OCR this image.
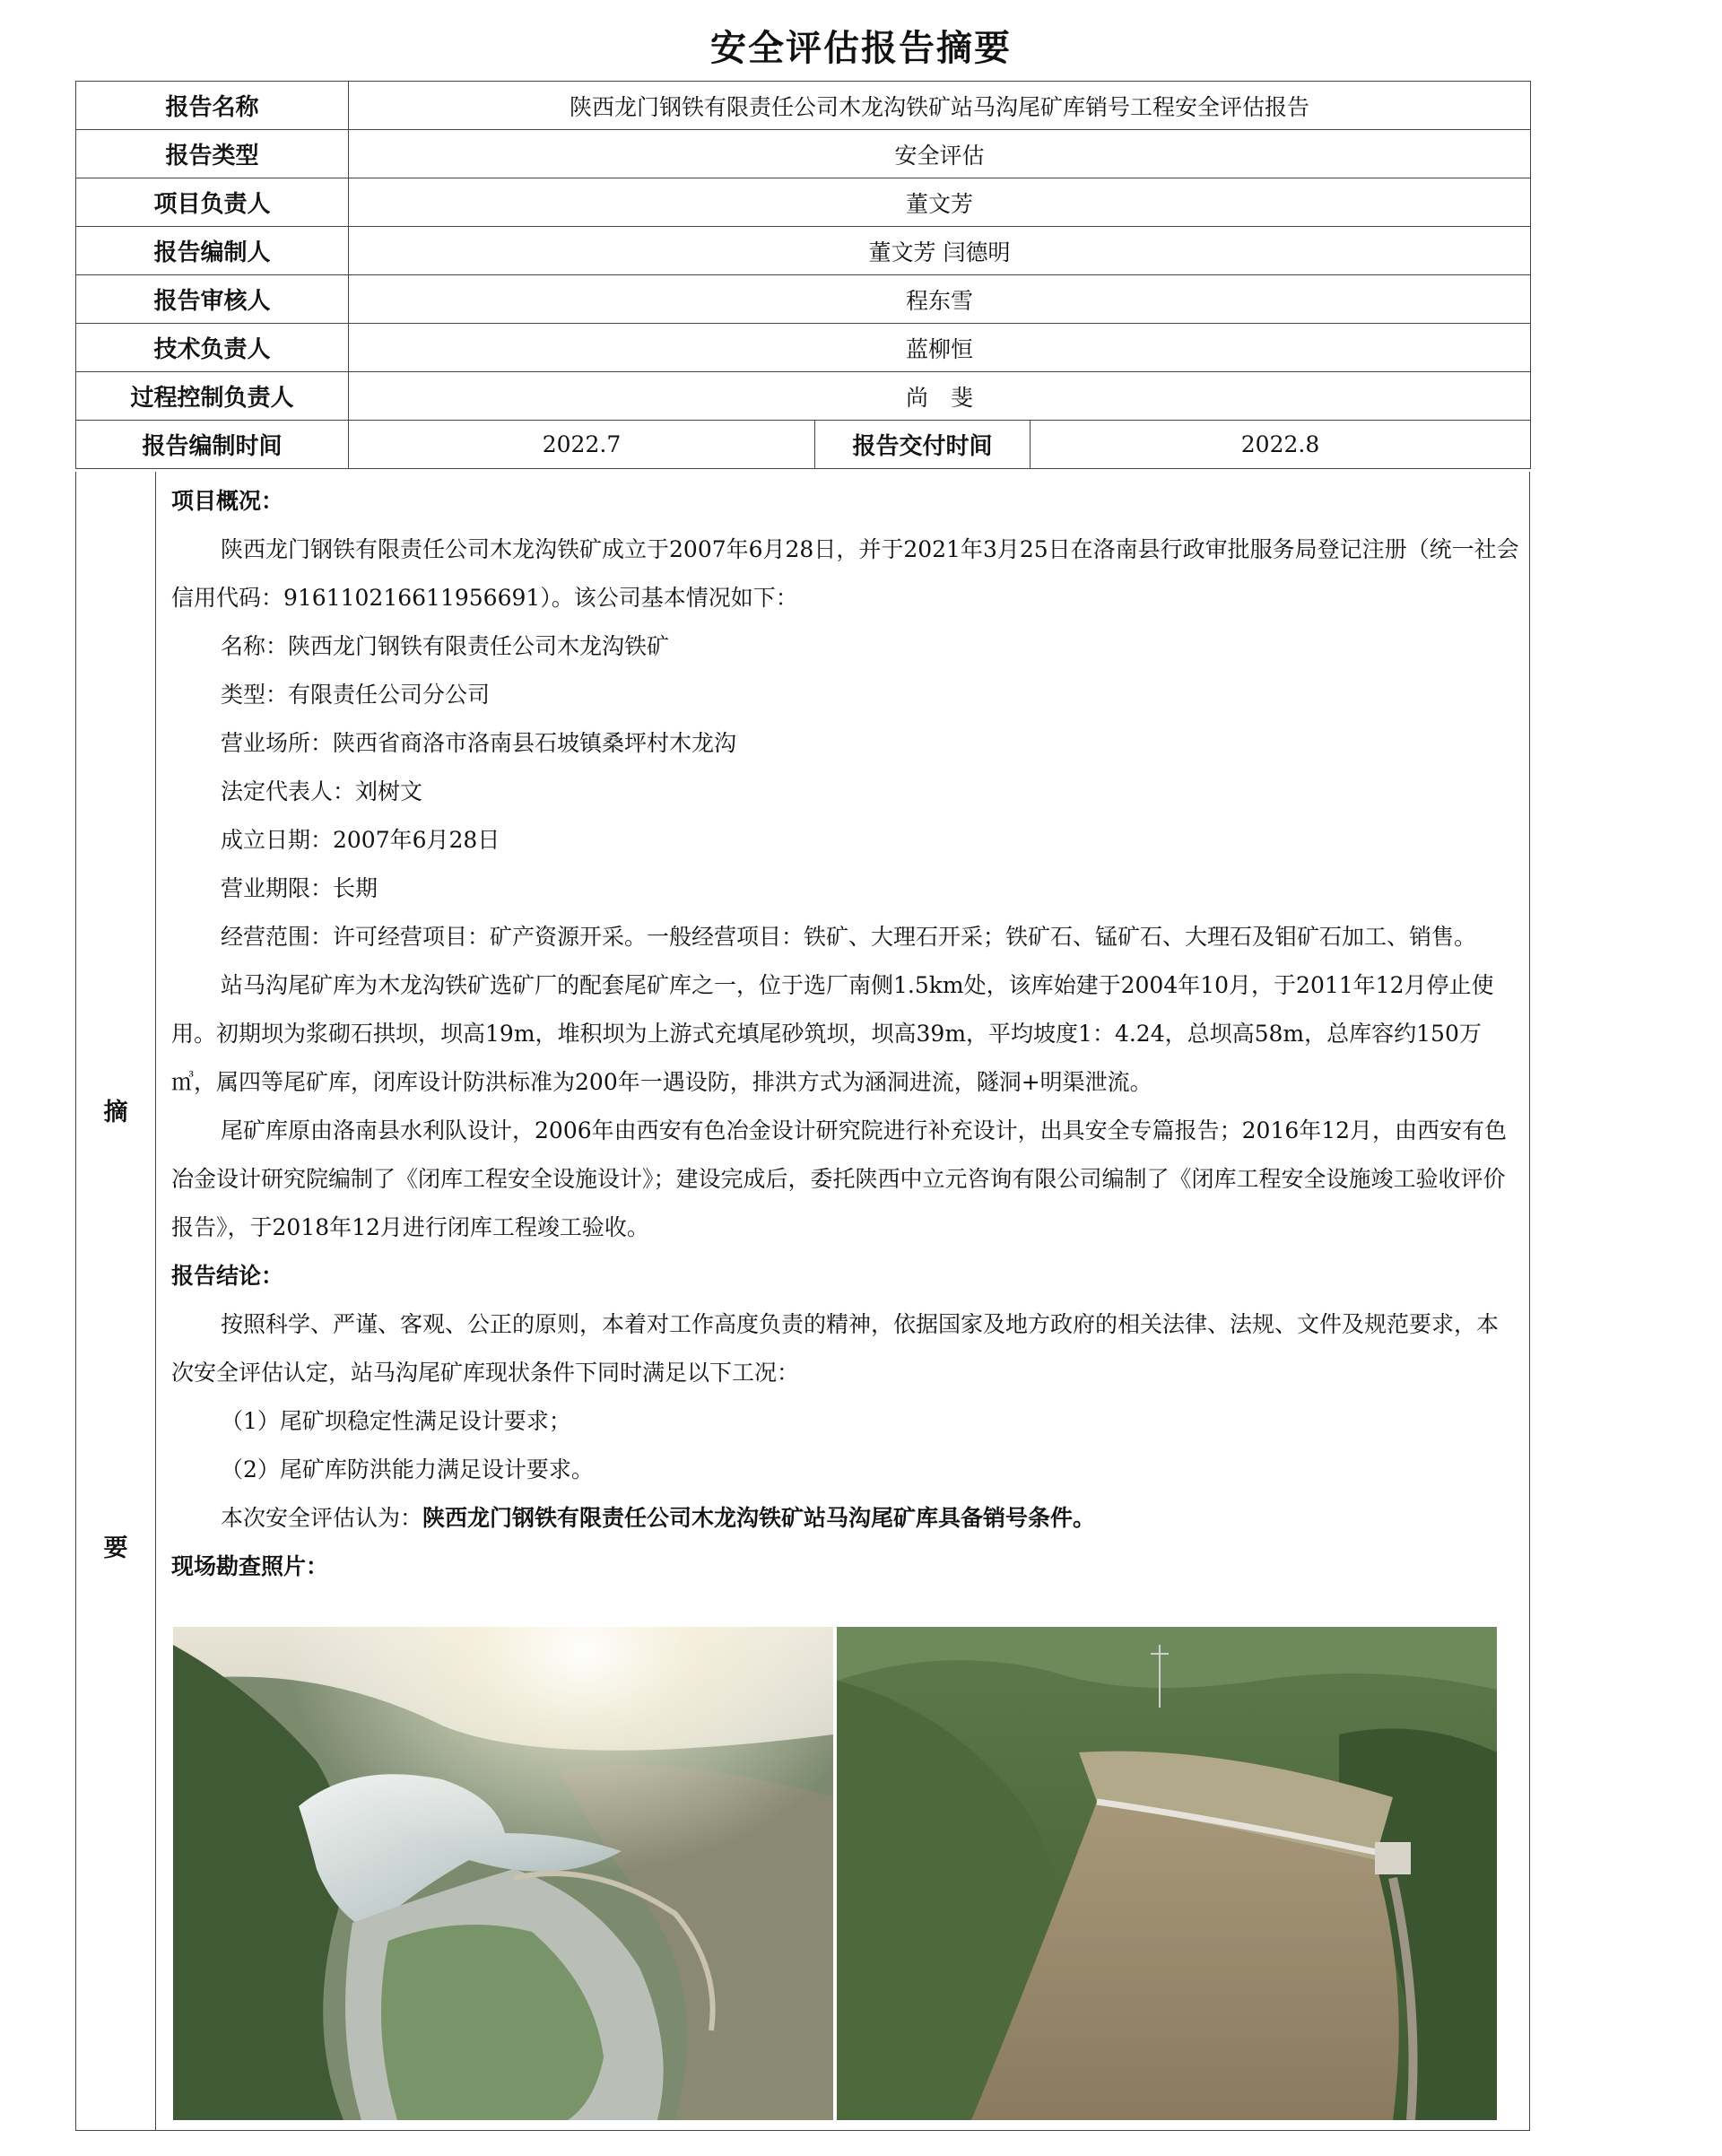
安全评估报告摘要
报告名称	陕西龙门钢铁有限责任公司木龙沟铁矿站马沟尾矿库销号工程安全评估报告		
报告类型	安全评估		
项目负责人	董文芳		
报告编制人	董文芳 闫德明		
报告审核人	程东雪		
技术负责人	蓝柳恒		
过程控制负责人	尚　斐		
报告编制时间	2022.7	报告交付时间	2022.8
摘
要

项目概况：

陕西龙门钢铁有限责任公司木龙沟铁矿成立于2007年6月28日，并于2021年3月25日在洛南县行政审批服务局登记注册（统一社会信用代码：916110216611956691）。该公司基本情况如下：

名称：陕西龙门钢铁有限责任公司木龙沟铁矿

类型：有限责任公司分公司

营业场所：陕西省商洛市洛南县石坡镇桑坪村木龙沟

法定代表人：刘树文

成立日期：2007年6月28日

营业期限：长期

经营范围：许可经营项目：矿产资源开采。一般经营项目：铁矿、大理石开采；铁矿石、锰矿石、大理石及钼矿石加工、销售。

站马沟尾矿库为木龙沟铁矿选矿厂的配套尾矿库之一，位于选厂南侧1.5km处，该库始建于2004年10月，于2011年12月停止使用。初期坝为浆砌石拱坝，坝高19m，堆积坝为上游式充填尾砂筑坝，坝高39m，平均坡度1：4.24，总坝高58m，总库容约150万㎥，属四等尾矿库，闭库设计防洪标准为200年一遇设防，排洪方式为涵洞进流，隧洞+明渠泄流。

尾矿库原由洛南县水利队设计，2006年由西安有色冶金设计研究院进行补充设计，出具安全专篇报告；2016年12月，由西安有色冶金设计研究院编制了《闭库工程安全设施设计》；建设完成后，委托陕西中立元咨询有限公司编制了《闭库工程安全设施竣工验收评价报告》，于2018年12月进行闭库工程竣工验收。

报告结论：

按照科学、严谨、客观、公正的原则，本着对工作高度负责的精神，依据国家及地方政府的相关法律、法规、文件及规范要求，本次安全评估认定，站马沟尾矿库现状条件下同时满足以下工况：

（1）尾矿坝稳定性满足设计要求；

（2）尾矿库防洪能力满足设计要求。

本次安全评估认为：陕西龙门钢铁有限责任公司木龙沟铁矿站马沟尾矿库具备销号条件。

现场勘查照片：
